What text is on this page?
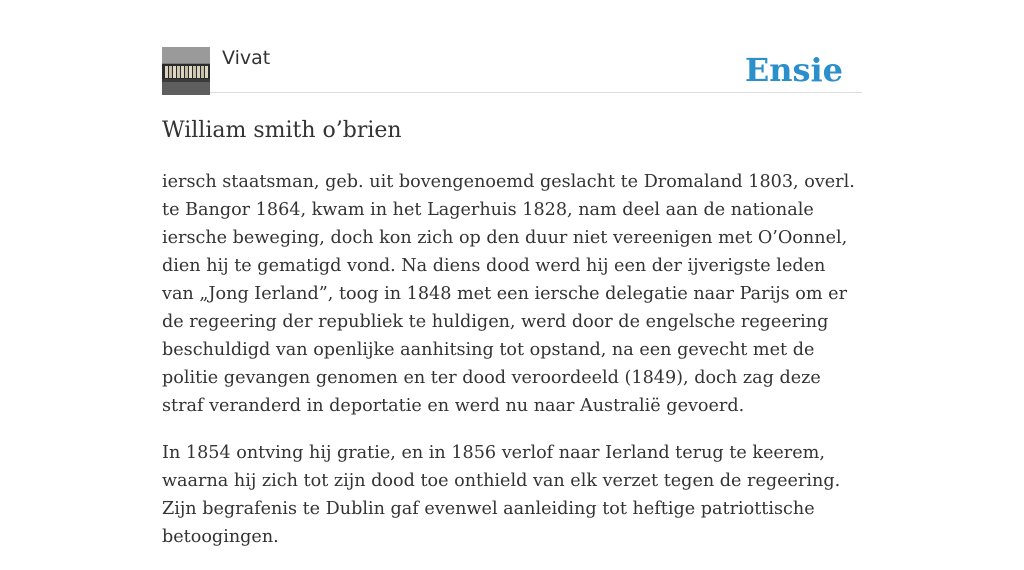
Vivat	Ensie
William smith o’brien

iersch staatsman, geb. uit bovengenoemd geslacht te Dromaland 1803, overl. te Bangor 1864, kwam in het Lagerhuis 1828, nam deel aan de nationale iersche beweging, doch kon zich op den duur niet vereenigen met O’Oonnel, dien hij te gematigd vond. Na diens dood werd hij een der ijverigste leden van „Jong Ierland”, toog in 1848 met een iersche delegatie naar Parijs om er de regeering der republiek te huldigen, werd door de engelsche regeering beschuldigd van openlijke aanhitsing tot opstand, na een gevecht met de politie gevangen genomen en ter dood veroordeeld (1849), doch zag deze straf veranderd in deportatie en werd nu naar Australië gevoerd.

In 1854 ontving hij gratie, en in 1856 verlof naar Ierland terug te keerem, waarna hij zich tot zijn dood toe onthield van elk verzet tegen de regeering. Zijn begrafenis te Dublin gaf evenwel aanleiding tot heftige patriottische betoogingen.
